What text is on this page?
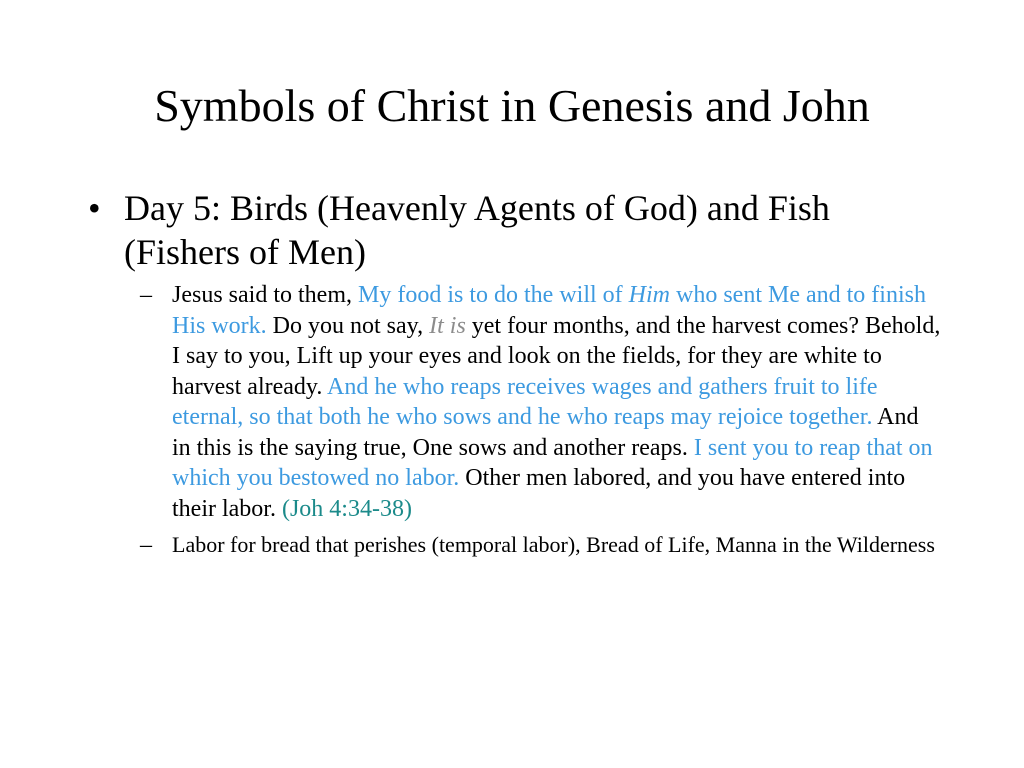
Symbols of Christ in Genesis and John
• Day 5: Birds (Heavenly Agents of God) and Fish (Fishers of Men)
– Jesus said to them, My food is to do the will of Him who sent Me and to finish His work. Do you not say, It is yet four months, and the harvest comes? Behold, I say to you, Lift up your eyes and look on the fields, for they are white to harvest already. And he who reaps receives wages and gathers fruit to life eternal, so that both he who sows and he who reaps may rejoice together. And in this is the saying true, One sows and another reaps. I sent you to reap that on which you bestowed no labor. Other men labored, and you have entered into their labor. (Joh 4:34-38)
– Labor for bread that perishes (temporal labor), Bread of Life, Manna in the Wilderness
